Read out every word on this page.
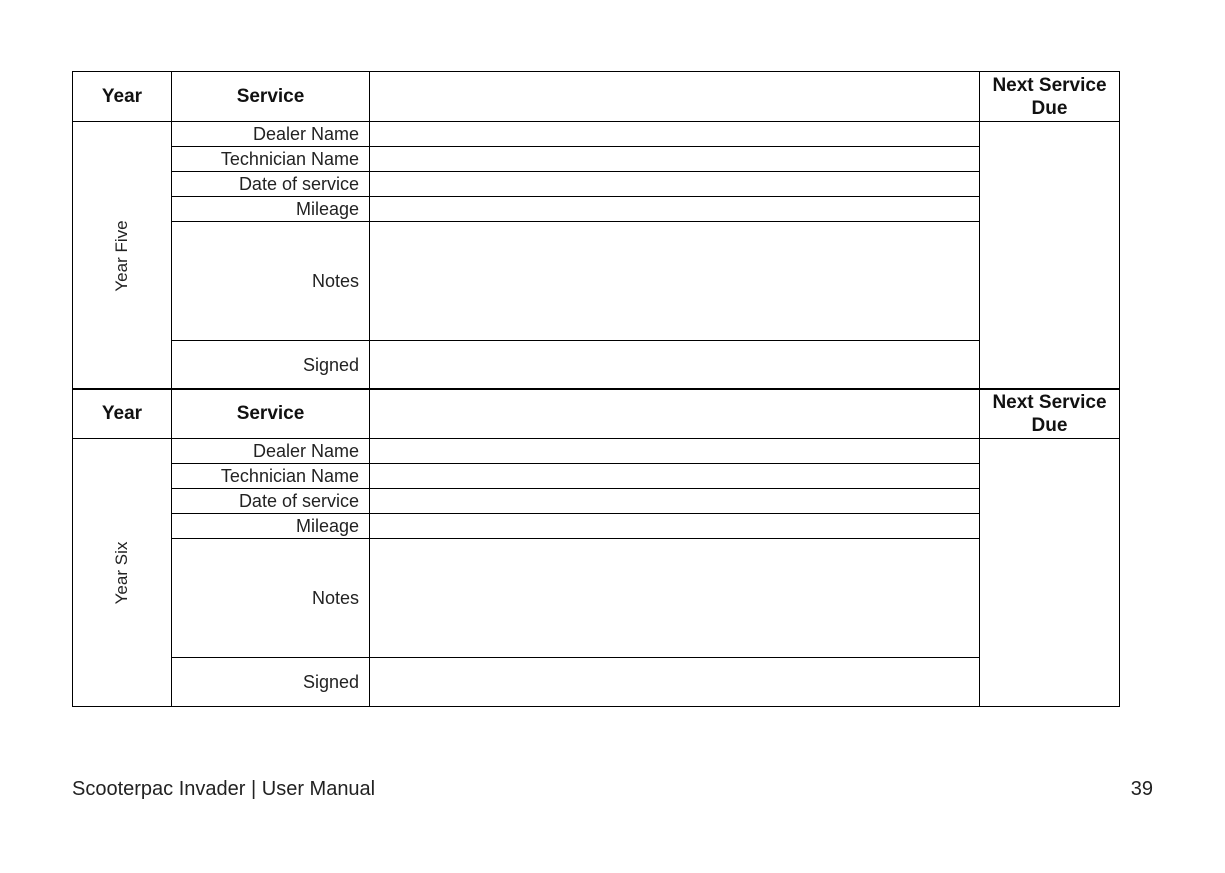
Year	Service		Next Service Due

Year Five	Dealer Name		
	Technician Name		
	Date of service		
	Mileage		
	Notes		
	Signed		
Year	Service		Next Service Due

Year Six	Dealer Name		
	Technician Name		
	Date of service		
	Mileage		
	Notes		
	Signed		
Scooterpac Invader | User Manual	39
